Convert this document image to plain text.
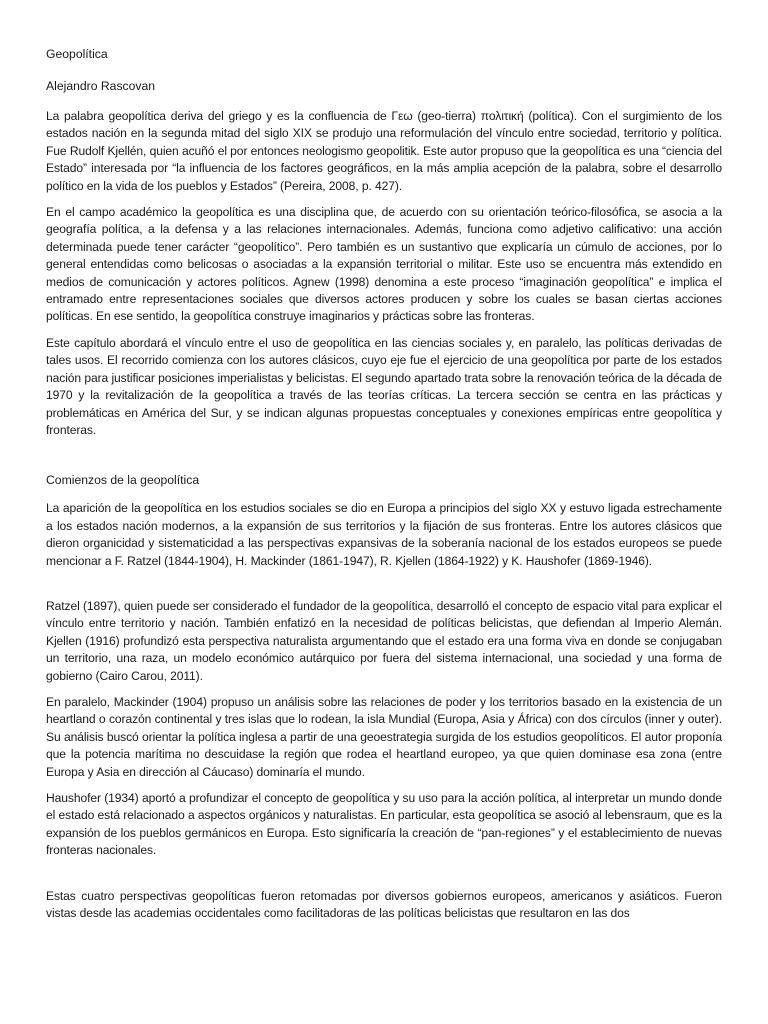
Geopolítica
Alejandro Rascovan

La palabra geopolítica deriva del griego y es la confluencia de Γεω (geo-tierra) πολιτική (política). Con el surgimiento de los estados nación en la segunda mitad del siglo XIX se produjo una reformulación del vínculo entre sociedad, territorio y política. Fue Rudolf Kjellén, quien acuñó el por entonces neologismo geopolitik. Este autor propuso que la geopolítica es una “ciencia del Estado” interesada por “la influencia de los factores geográficos, en la más amplia acepción de la palabra, sobre el desarrollo político en la vida de los pueblos y Estados” (Pereira, 2008, p. 427).

En el campo académico la geopolítica es una disciplina que, de acuerdo con su orientación teórico-filosófica, se asocia a la geografía política, a la defensa y a las relaciones internacionales. Además, funciona como adjetivo calificativo: una acción determinada puede tener carácter “geopolítico”. Pero también es un sustantivo que explicaría un cúmulo de acciones, por lo general entendidas como belicosas o asociadas a la expansión territorial o militar. Este uso se encuentra más extendido en medios de comunicación y actores políticos. Agnew (1998) denomina a este proceso “imaginación geopolítica” e implica el entramado entre representaciones sociales que diversos actores producen y sobre los cuales se basan ciertas acciones políticas. En ese sentido, la geopolítica construye imaginarios y prácticas sobre las fronteras.

Este capítulo abordará el vínculo entre el uso de geopolítica en las ciencias sociales y, en paralelo, las políticas derivadas de tales usos. El recorrido comienza con los autores clásicos, cuyo eje fue el ejercicio de una geopolítica por parte de los estados nación para justificar posiciones imperialistas y belicistas. El segundo apartado trata sobre la renovación teórica de la década de 1970 y la revitalización de la geopolítica a través de las teorías críticas. La tercera sección se centra en las prácticas y problemáticas en América del Sur, y se indican algunas propuestas conceptuales y conexiones empíricas entre geopolítica y fronteras.

Comienzos de la geopolítica

La aparición de la geopolítica en los estudios sociales se dio en Europa a principios del siglo XX y estuvo ligada estrechamente a los estados nación modernos, a la expansión de sus territorios y la fijación de sus fronteras. Entre los autores clásicos que dieron organicidad y sistematicidad a las perspectivas expansivas de la soberanía nacional de los estados europeos se puede mencionar a F. Ratzel (1844-1904), H. Mackinder (1861-1947), R. Kjellen (1864-1922) y K. Haushofer (1869-1946).

Ratzel (1897), quien puede ser considerado el fundador de la geopolítica, desarrolló el concepto de espacio vital para explicar el vínculo entre territorio y nación. También enfatizó en la necesidad de políticas belicistas, que defiendan al Imperio Alemán. Kjellen (1916) profundizó esta perspectiva naturalista argumentando que el estado era una forma viva en donde se conjugaban un territorio, una raza, un modelo económico autárquico por fuera del sistema internacional, una sociedad y una forma de gobierno (Cairo Carou, 2011).

En paralelo, Mackinder (1904) propuso un análisis sobre las relaciones de poder y los territorios basado en la existencia de un heartland o corazón continental y tres islas que lo rodean, la isla Mundial (Europa, Asia y África) con dos círculos (inner y outer). Su análisis buscó orientar la política inglesa a partir de una geoestrategia surgida de los estudios geopolíticos. El autor proponía que la potencia marítima no descuidase la región que rodea el heartland europeo, ya que quien dominase esa zona (entre Europa y Asia en dirección al Cáucaso) dominaría el mundo.

Haushofer (1934) aportó a profundizar el concepto de geopolítica y su uso para la acción política, al interpretar un mundo donde el estado está relacionado a aspectos orgánicos y naturalistas. En particular, esta geopolítica se asoció al lebensraum, que es la expansión de los pueblos germánicos en Europa. Esto significaría la creación de “pan-regiones” y el establecimiento de nuevas fronteras nacionales.

Estas cuatro perspectivas geopolíticas fueron retomadas por diversos gobiernos europeos, americanos y asiáticos. Fueron vistas desde las academias occidentales como facilitadoras de las políticas belicistas que resultaron en las dos
